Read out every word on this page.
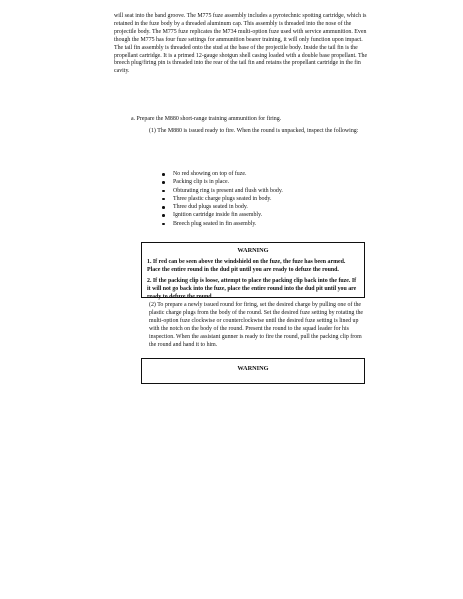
will seat into the band groove. The M775 fuze assembly includes a pyrotechnic spotting cartridge, which is retained in the fuze body by a threaded aluminum cap. This assembly is threaded into the nose of the projectile body. The M775 fuze replicates the M734 multi-option fuze used with service ammunition. Even though the M775 has four fuze settings for ammunition bearer training, it will only function upon impact. The tail fin assembly is threaded onto the stud at the base of the projectile body. Inside the tail fin is the propellant cartridge. It is a primed 12-gauge shotgun shell casing loaded with a double base propellant. The breech plug/firing pin is threaded into the rear of the tail fin and retains the propellant cartridge in the fin cavity.

a. Prepare the M880 short-range training ammunition for firing.

(1) The M880 is issued ready to fire. When the round is unpacked, inspect the following:

No red showing on top of fuze.
Packing clip is in place.
Obturating ring is present and flush with body.
Three plastic charge plugs seated in body.
Three dud plugs seated in body.
Ignition cartridge inside fin assembly.
Breech plug seated in fin assembly.

WARNING

1. If red can be seen above the windshield on the fuze, the fuze has been armed. Place the entire round in the dud pit until you are ready to defuze the round.

2. If the packing clip is loose, attempt to place the packing clip back into the fuze. If it will not go back into the fuze, place the entire round into the dud pit until you are ready to defuze the round.

(2) To prepare a newly issued round for firing, set the desired charge by pulling one of the plastic charge plugs from the body of the round. Set the desired fuze setting by rotating the multi-option fuze clockwise or counterclockwise until the desired fuze setting is lined up with the notch on the body of the round. Present the round to the squad leader for his inspection. When the assistant gunner is ready to fire the round, pull the packing clip from the round and hand it to him.

WARNING
